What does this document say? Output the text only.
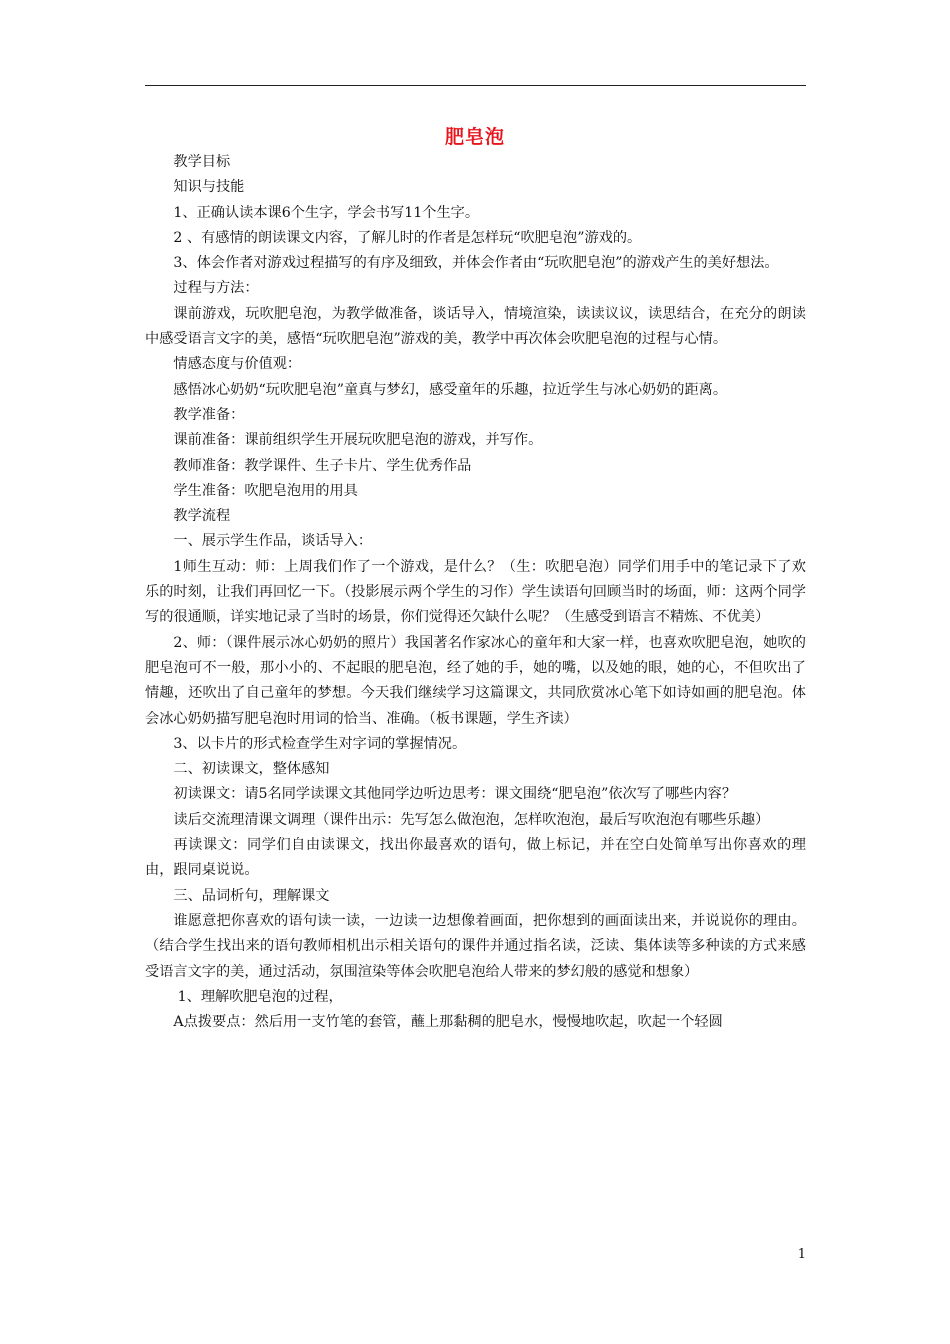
肥皂泡

教学目标

知识与技能

1、正确认读本课6个生字，学会书写11个生字。

2 、有感情的朗读课文内容，了解儿时的作者是怎样玩“吹肥皂泡”游戏的。

3、体会作者对游戏过程描写的有序及细致，并体会作者由“玩吹肥皂泡”的游戏产生的美好想法。

过程与方法：

课前游戏，玩吹肥皂泡，为教学做准备，谈话导入，情境渲染，读读议议，读思结合，在充分的朗读中感受语言文字的美，感悟“玩吹肥皂泡”游戏的美，教学中再次体会吹肥皂泡的过程与心情。

情感态度与价值观：

感悟冰心奶奶“玩吹肥皂泡”童真与梦幻，感受童年的乐趣，拉近学生与冰心奶奶的距离。

教学准备：

课前准备：课前组织学生开展玩吹肥皂泡的游戏，并写作。

教师准备：教学课件、生子卡片、学生优秀作品

学生准备：吹肥皂泡用的用具

教学流程

一、展示学生作品，谈话导入：

1师生互动：师：上周我们作了一个游戏，是什么？（生：吹肥皂泡）同学们用手中的笔记录下了欢乐的时刻，让我们再回忆一下。（投影展示两个学生的习作）学生读语句回顾当时的场面，师：这两个同学写的很通顺，详实地记录了当时的场景，你们觉得还欠缺什么呢？（生感受到语言不精炼、不优美）

2、师：（课件展示冰心奶奶的照片）我国著名作家冰心的童年和大家一样，也喜欢吹肥皂泡，她吹的肥皂泡可不一般，那小小的、不起眼的肥皂泡，经了她的手，她的嘴，以及她的眼，她的心，不但吹出了情趣，还吹出了自己童年的梦想。今天我们继续学习这篇课文，共同欣赏冰心笔下如诗如画的肥皂泡。体会冰心奶奶描写肥皂泡时用词的恰当、准确。（板书课题，学生齐读）

3、以卡片的形式检查学生对字词的掌握情况。

二、初读课文，整体感知

初读课文：请5名同学读课文其他同学边听边思考：课文围绕“肥皂泡”依次写了哪些内容？

读后交流理清课文调理（课件出示：先写怎么做泡泡，怎样吹泡泡，最后写吹泡泡有哪些乐趣）

再读课文：同学们自由读课文，找出你最喜欢的语句，做上标记，并在空白处简单写出你喜欢的理由，跟同桌说说。

三、品词析句，理解课文

谁愿意把你喜欢的语句读一读，一边读一边想像着画面，把你想到的画面读出来，并说说你的理由。（结合学生找出来的语句教师相机出示相关语句的课件并通过指名读，泛读、集体读等多种读的方式来感受语言文字的美，通过活动，氛围渲染等体会吹肥皂泡给人带来的梦幻般的感觉和想象）

1、理解吹肥皂泡的过程，

A点拨要点：然后用一支竹笔的套管，蘸上那黏稠的肥皂水，慢慢地吹起，吹起一个轻圆

1
